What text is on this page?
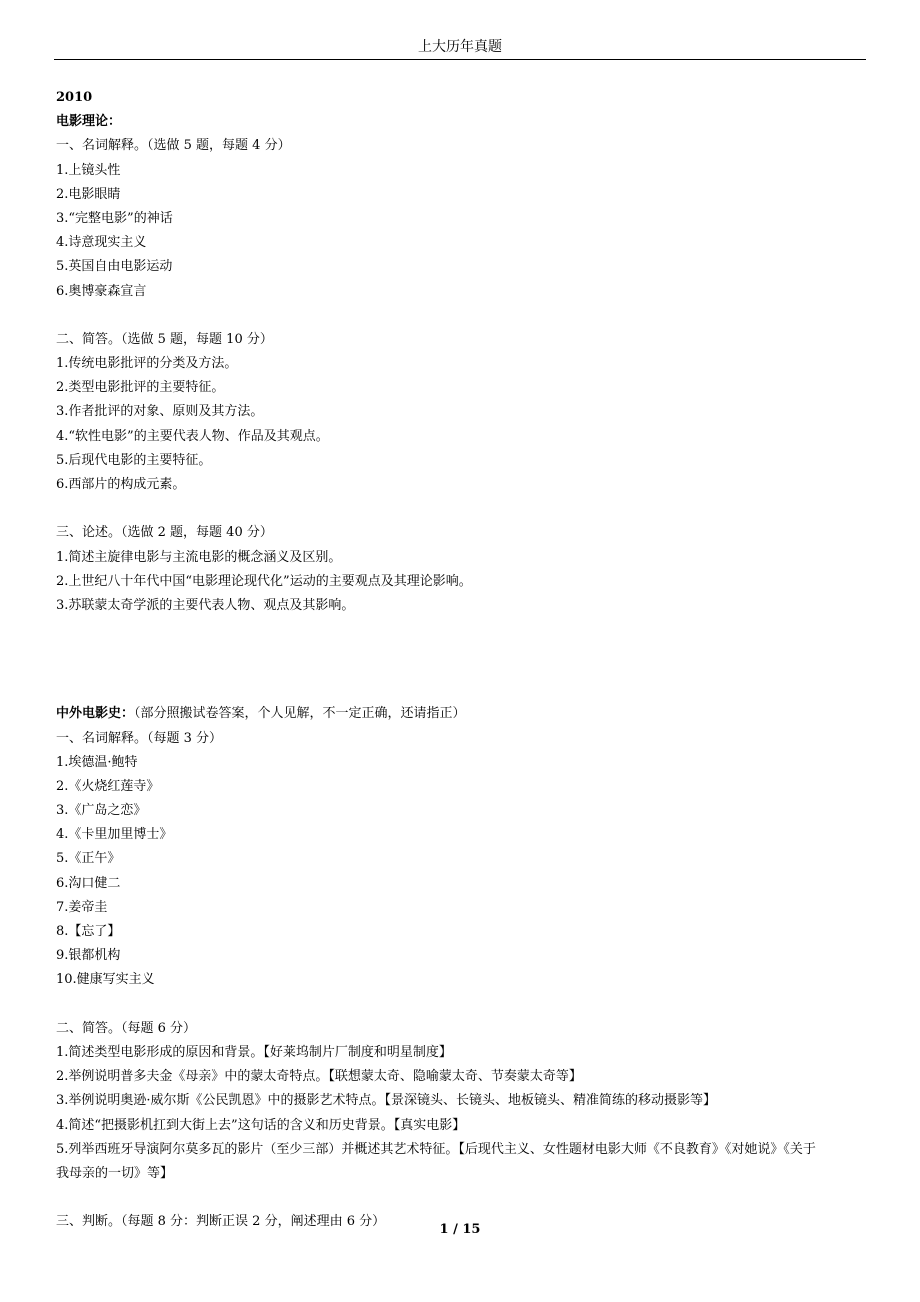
上大历年真题
2010
电影理论：
一、名词解释。（选做 5 题，每题 4 分）
1.上镜头性
2.电影眼睛
3.“完整电影”的神话
4.诗意现实主义
5.英国自由电影运动
6.奥博豪森宣言
二、简答。（选做 5 题，每题 10 分）
1.传统电影批评的分类及方法。
2.类型电影批评的主要特征。
3.作者批评的对象、原则及其方法。
4.“软性电影”的主要代表人物、作品及其观点。
5.后现代电影的主要特征。
6.西部片的构成元素。
三、论述。（选做 2 题，每题 40 分）
1.简述主旋律电影与主流电影的概念涵义及区别。
2.上世纪八十年代中国“电影理论现代化”运动的主要观点及其理论影响。
3.苏联蒙太奇学派的主要代表人物、观点及其影响。
中外电影史：（部分照搬试卷答案，个人见解，不一定正确，还请指正）
一、名词解释。（每题 3 分）
1.埃德温·鲍特
2.《火烧红莲寺》
3.《广岛之恋》
4.《卡里加里博士》
5.《正午》
6.沟口健二
7.姜帝圭
8.【忘了】
9.银都机构
10.健康写实主义
二、简答。（每题 6 分）
1.简述类型电影形成的原因和背景。【好莱坞制片厂制度和明星制度】
2.举例说明普多夫金《母亲》中的蒙太奇特点。【联想蒙太奇、隐喻蒙太奇、节奏蒙太奇等】
3.举例说明奥逊·威尔斯《公民凯恩》中的摄影艺术特点。【景深镜头、长镜头、地板镜头、精准简练的移动摄影等】
4.简述“把摄影机扛到大街上去”这句话的含义和历史背景。【真实电影】
5.列举西班牙导演阿尔莫多瓦的影片（至少三部）并概述其艺术特征。【后现代主义、女性题材电影大师《不良教育》《对她说》《关于
我母亲的一切》等】
三、判断。（每题 8 分：判断正误 2 分，阐述理由 6 分）
1 / 15
